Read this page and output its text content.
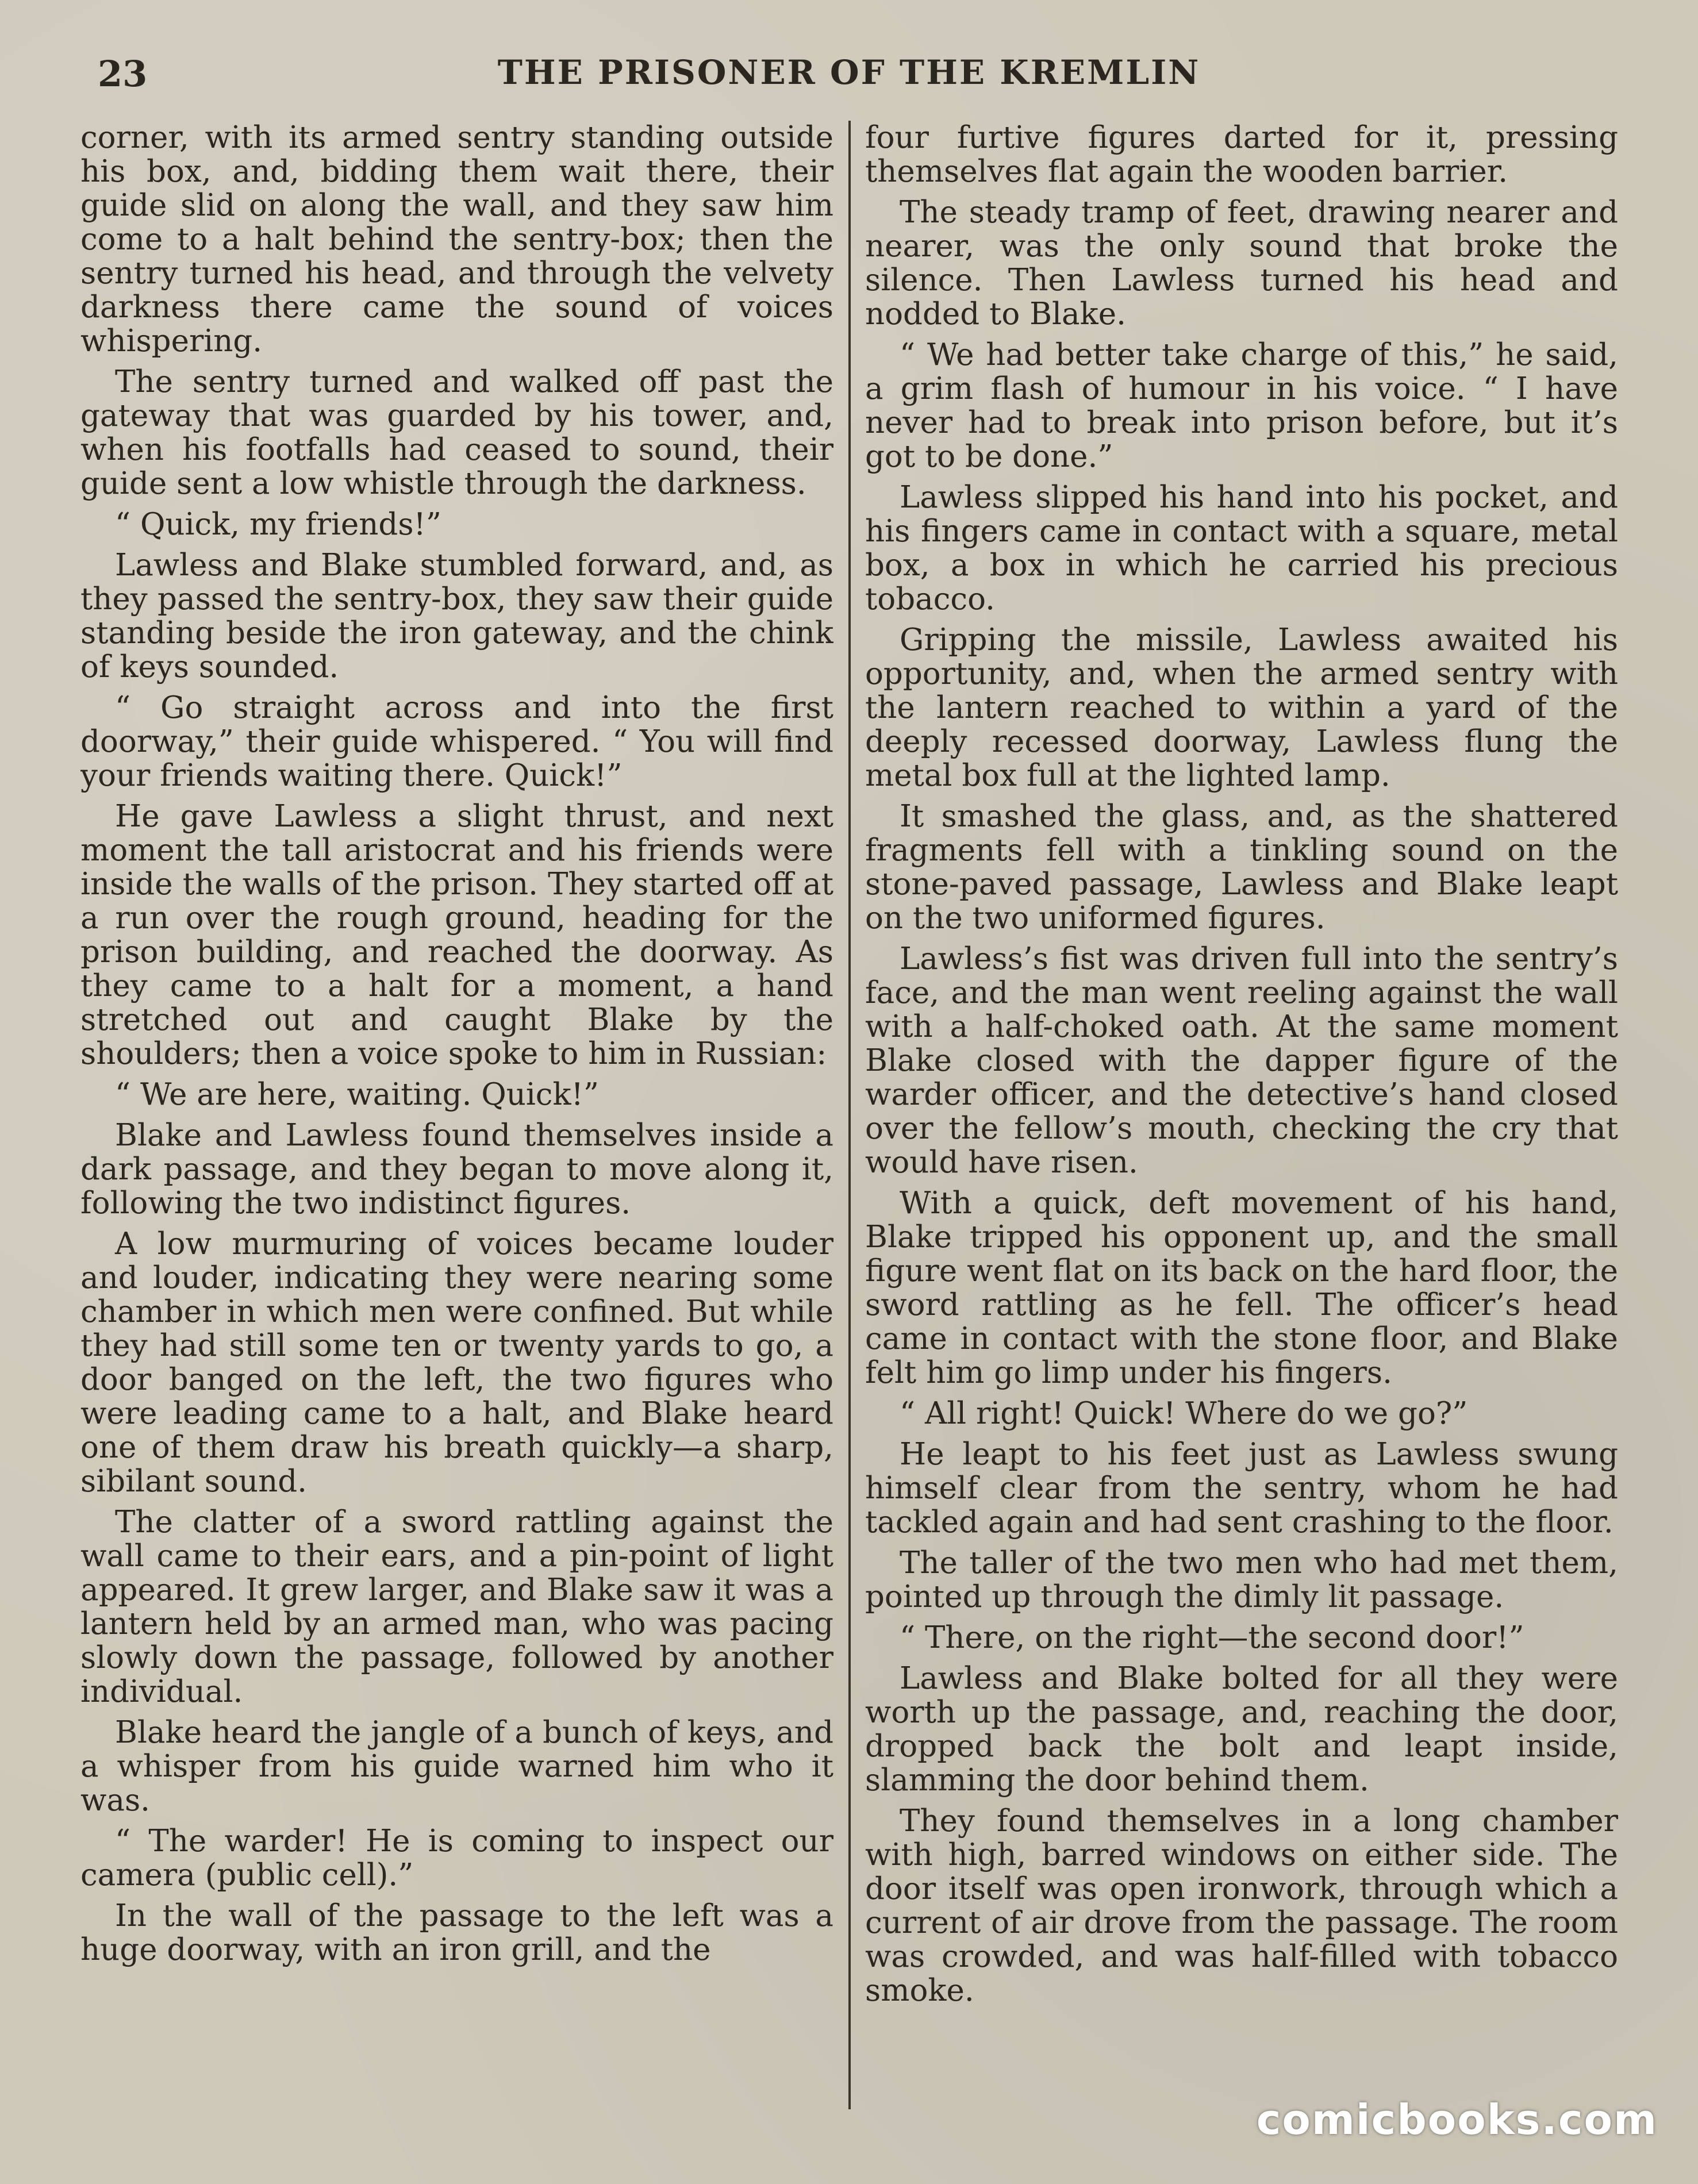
23	THE PRISONER OF THE KREMLIN

corner, with its armed sentry standing outside his box, and, bidding them wait there, their guide slid on along the wall, and they saw him come to a halt behind the sentry-box; then the sentry turned his head, and through the velvety darkness there came the sound of voices whispering.

The sentry turned and walked off past the gateway that was guarded by his tower, and, when his footfalls had ceased to sound, their guide sent a low whistle through the darkness.

“ Quick, my friends!”

Lawless and Blake stumbled forward, and, as they passed the sentry-box, they saw their guide standing beside the iron gateway, and the chink of keys sounded.

“ Go straight across and into the first doorway,” their guide whispered. “ You will find your friends waiting there. Quick!”

He gave Lawless a slight thrust, and next moment the tall aristocrat and his friends were inside the walls of the prison. They started off at a run over the rough ground, heading for the prison building, and reached the doorway. As they came to a halt for a moment, a hand stretched out and caught Blake by the shoulders; then a voice spoke to him in Russian:

“ We are here, waiting. Quick!”

Blake and Lawless found themselves inside a dark passage, and they began to move along it, following the two indistinct figures.

A low murmuring of voices became louder and louder, indicating they were nearing some chamber in which men were confined. But while they had still some ten or twenty yards to go, a door banged on the left, the two figures who were leading came to a halt, and Blake heard one of them draw his breath quickly—a sharp, sibilant sound.

The clatter of a sword rattling against the wall came to their ears, and a pin-point of light appeared. It grew larger, and Blake saw it was a lantern held by an armed man, who was pacing slowly down the passage, followed by another individual.

Blake heard the jangle of a bunch of keys, and a whisper from his guide warned him who it was.

“ The warder! He is coming to inspect our camera (public cell).”

In the wall of the passage to the left was a huge doorway, with an iron grill, and the

four furtive figures darted for it, pressing themselves flat again the wooden barrier.

The steady tramp of feet, drawing nearer and nearer, was the only sound that broke the silence. Then Lawless turned his head and nodded to Blake.

“ We had better take charge of this,” he said, a grim flash of humour in his voice. “ I have never had to break into prison before, but it’s got to be done.”

Lawless slipped his hand into his pocket, and his fingers came in contact with a square, metal box, a box in which he carried his precious tobacco.

Gripping the missile, Lawless awaited his opportunity, and, when the armed sentry with the lantern reached to within a yard of the deeply recessed doorway, Lawless flung the metal box full at the lighted lamp.

It smashed the glass, and, as the shattered fragments fell with a tinkling sound on the stone-paved passage, Lawless and Blake leapt on the two uniformed figures.

Lawless’s fist was driven full into the sentry’s face, and the man went reeling against the wall with a half-choked oath. At the same moment Blake closed with the dapper figure of the warder officer, and the detective’s hand closed over the fellow’s mouth, checking the cry that would have risen.

With a quick, deft movement of his hand, Blake tripped his opponent up, and the small figure went flat on its back on the hard floor, the sword rattling as he fell. The officer’s head came in contact with the stone floor, and Blake felt him go limp under his fingers.

“ All right! Quick! Where do we go?”

He leapt to his feet just as Lawless swung himself clear from the sentry, whom he had tackled again and had sent crashing to the floor.

The taller of the two men who had met them, pointed up through the dimly lit passage.

“ There, on the right—the second door!”

Lawless and Blake bolted for all they were worth up the passage, and, reaching the door, dropped back the bolt and leapt inside, slamming the door behind them.

They found themselves in a long chamber with high, barred windows on either side. The door itself was open ironwork, through which a current of air drove from the passage. The room was crowded, and was half-filled with tobacco smoke.

comicbooks.com
